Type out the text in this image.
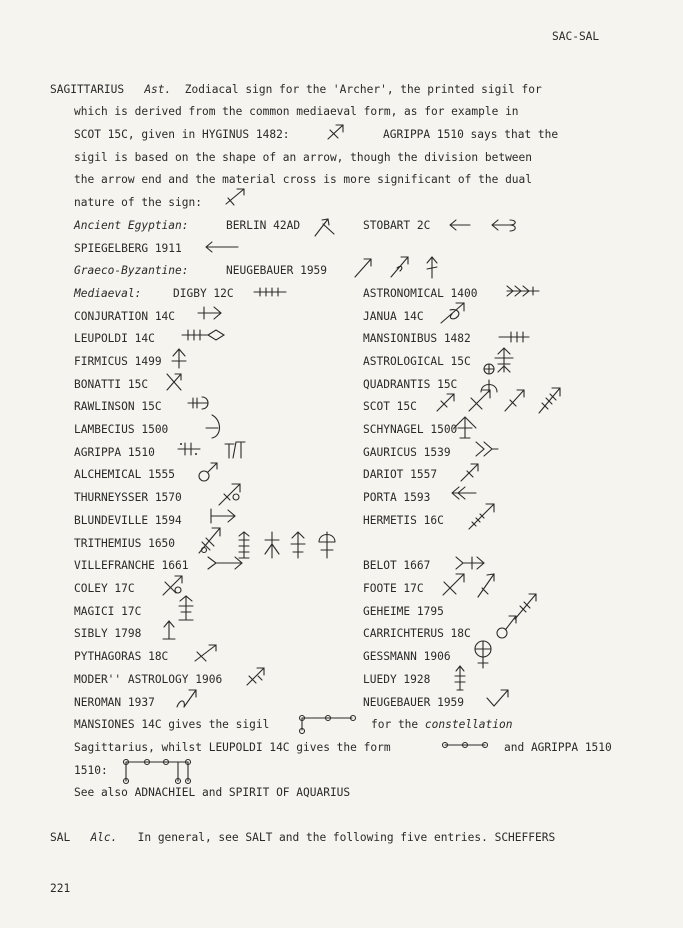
SAC-SAL
SAGITTARIUS Ast. Zodiacal sign for the 'Archer', the printed sigil for
which is derived from the common mediaeval form, as for example in
SCOT 15C, given in HYGINUS 1482:	AGRIPPA 1510 says that the
sigil is based on the shape of an arrow, though the division between
the arrow end and the material cross is more significant of the dual
nature of the sign:
Ancient Egyptian:	BERLIN 42AD	STOBART 2C
SPIEGELBERG 1911
Graeco-Byzantine:	NEUGEBAUER 1959
Mediaeval:	DIGBY 12C	ASTRONOMICAL 1400
CONJURATION 14C	JANUA 14C
LEUPOLDI 14C	MANSIONIBUS 1482
FIRMICUS 1499	ASTROLOGICAL 15C
BONATTI 15C	QUADRANTIS 15C
RAWLINSON 15C	SCOT 15C
LAMBECIUS 1500	SCHYNAGEL 1500
AGRIPPA 1510	GAURICUS 1539
ALCHEMICAL 1555	DARIOT 1557
THURNEYSSER 1570	PORTA 1593
BLUNDEVILLE 1594	HERMETIS 16C
TRITHEMIUS 1650
VILLEFRANCHE 1661	BELOT 1667
COLEY 17C	FOOTE 17C
MAGICI 17C	GEHEIME 1795
SIBLY 1798	CARRICHTERUS 18C
PYTHAGORAS 18C	GESSMANN 1906
MODER'' ASTROLOGY 1906	LUEDY 1928
NEROMAN 1937	NEUGEBAUER 1959
MANSIONES 14C gives the sigil	for the constellation
Sagittarius, whilst LEUPOLDI 14C gives the form	and AGRIPPA 1510
1510:
See also ADNACHIEL and SPIRIT OF AQUARIUS
SAL Alc. In general, see SALT and the following five entries. SCHEFFERS
221
